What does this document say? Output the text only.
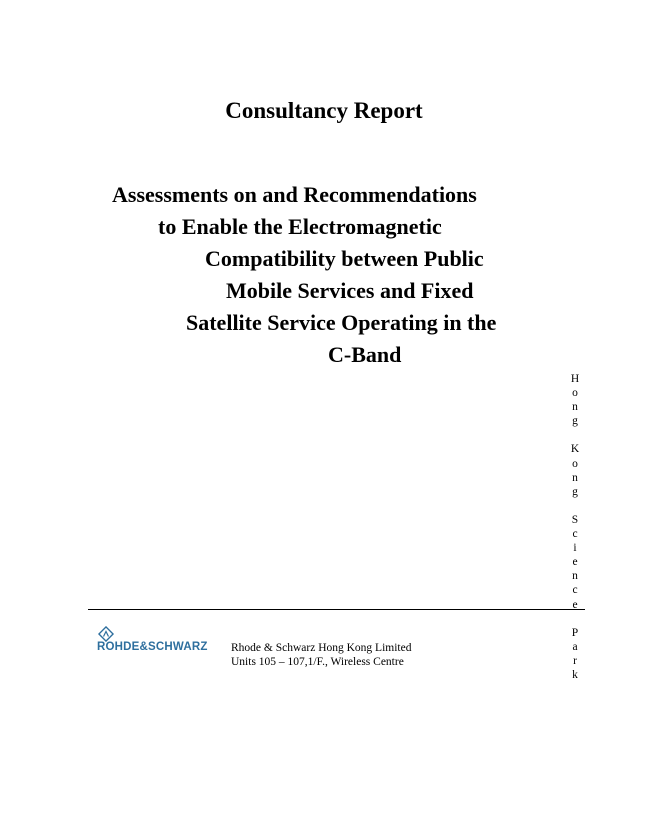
Consultancy Report
Assessments on and Recommendations
to Enable the Electromagnetic
Compatibility between Public
Mobile Services and Fixed
Satellite Service Operating in the
C-Band
H
o
n
g

K
o
n
g

S
c
i
e
n
c
e

P
a
r
k
ROHDE&SCHWARZ Rhode & Schwarz Hong Kong Limited
Units 105 – 107,1/F., Wireless Centre
